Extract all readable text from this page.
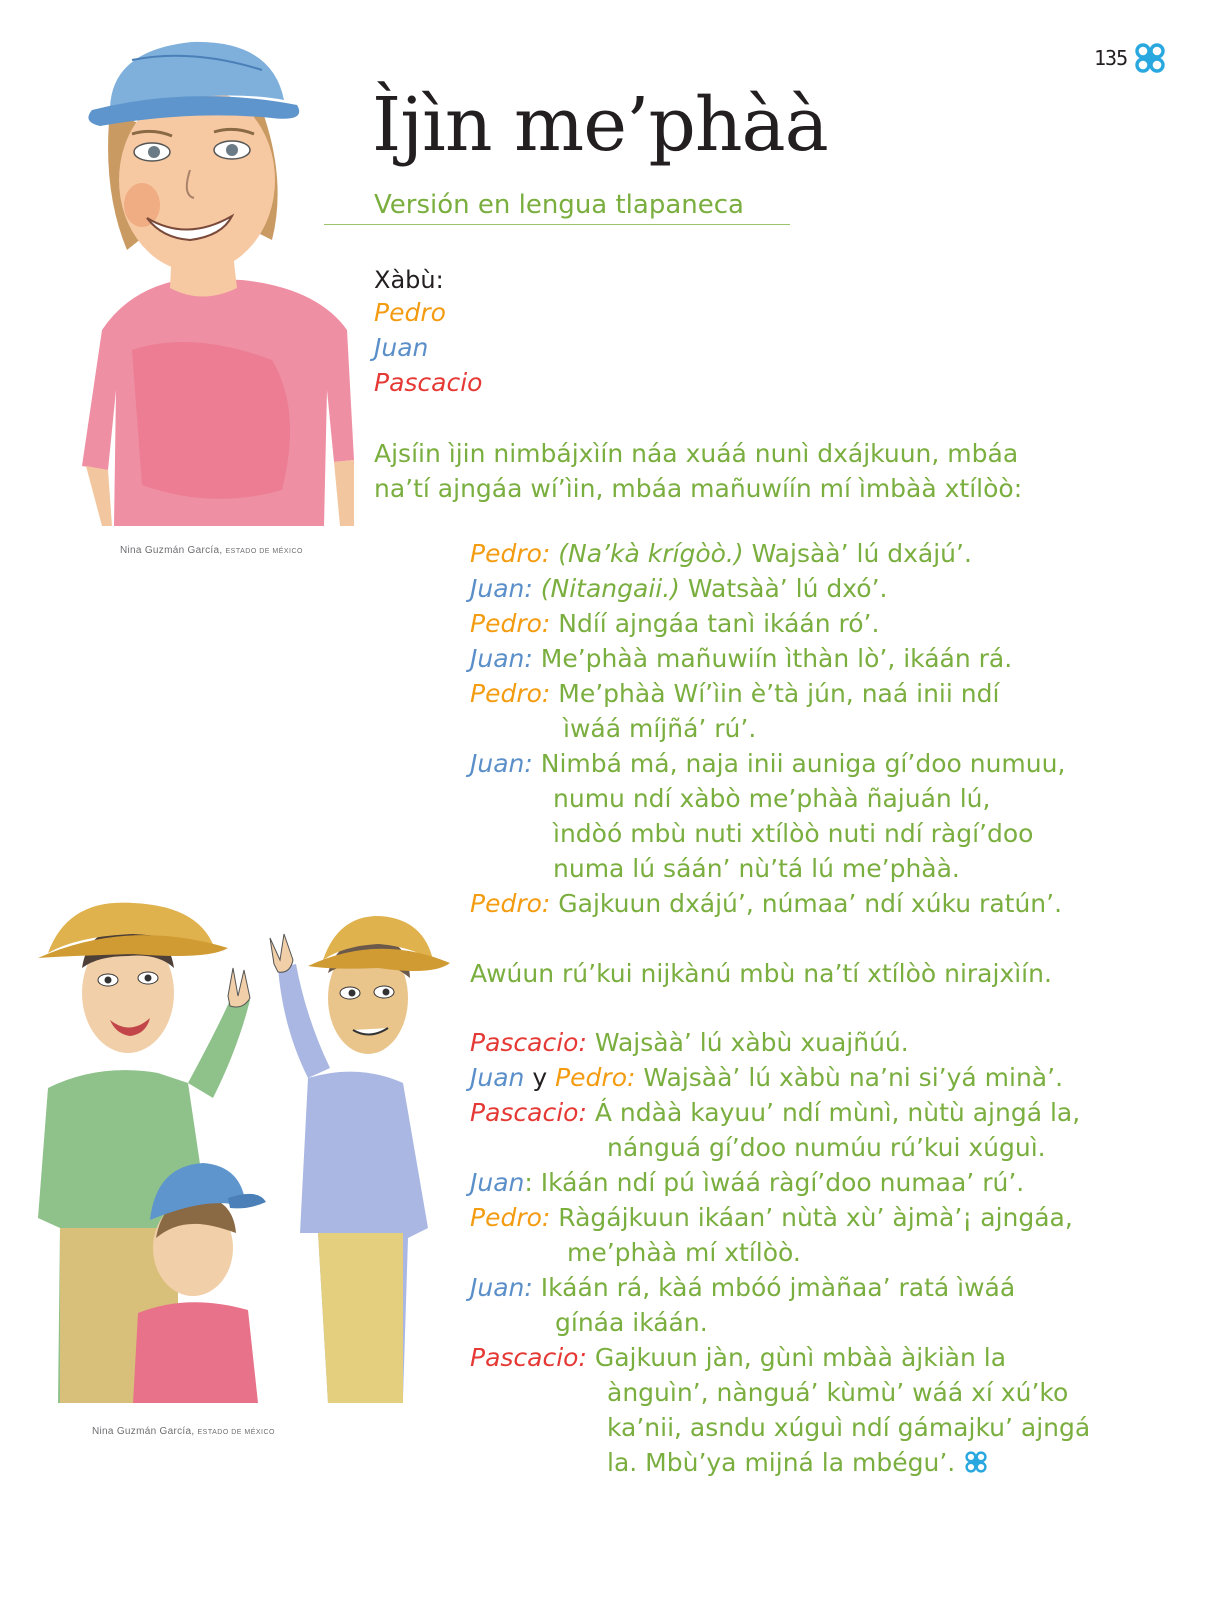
135
Ìjìn me’phàà
Versión en lengua tlapaneca
Nina Guzmán García, ESTADO DE MÉXICO
Nina Guzmán García, ESTADO DE MÉXICO
Xàbù:
Pedro
Juan
Pascacio
Ajsíin ìjin nimbájxìín náa xuáá nunì dxájkuun, mbáa
na’tí ajngáa wí’ìin, mbáa mañuwíín mí ìmbàà xtílòò:
Pedro: (Na’kà krígòò.) Wajsàà’ lú dxájú’.
Juan: (Nitangaii.) Watsàà’ lú dxó’.
Pedro: Ndíí ajngáa tanì ikáán ró’.
Juan: Me’phàà mañuwiín ìthàn lò’, ikáán rá.
Pedro: Me’phàà Wí’ìin è’tà jún, naá inii ndí
ìwáá míjñá’ rú’.
Juan: Nimbá má, naja inii auniga gí’doo numuu,
numu ndí xàbò me’phàà ñajuán lú,
ìndòó mbù nuti xtílòò nuti ndí ràgí’doo
numa lú sáán’ nù’tá lú me’phàà.
Pedro: Gajkuun dxájú’, númaa’ ndí xúku ratún’.
Awúun rú’kui nijkànú mbù na’tí xtílòò nirajxìín.
Pascacio: Wajsàà’ lú xàbù xuajñúú.
Juan y Pedro: Wajsàà’ lú xàbù na’ni si’yá minà’.
Pascacio: Á ndàà kayuu’ ndí mùnì, nùtù ajngá la,
nánguá gí’doo numúu rú’kui xúguì.
Juan: Ikáán ndí pú ìwáá ràgí’doo numaa’ rú’.
Pedro: Ràgájkuun ikáan’ nùtà xù’ àjmà’¡ ajngáa,
me’phàà mí xtílòò.
Juan: Ikáán rá, kàá mbóó jmàñaa’ ratá ìwáá
gínáa ikáán.
Pascacio: Gajkuun jàn, gùnì mbàà àjkiàn la
ànguìn’, nànguá’ kùmù’ wáá xí xú’ko
ka’nii, asndu xúguì ndí gámajku’ ajngá
la. Mbù’ya mijná la mbégu’.
